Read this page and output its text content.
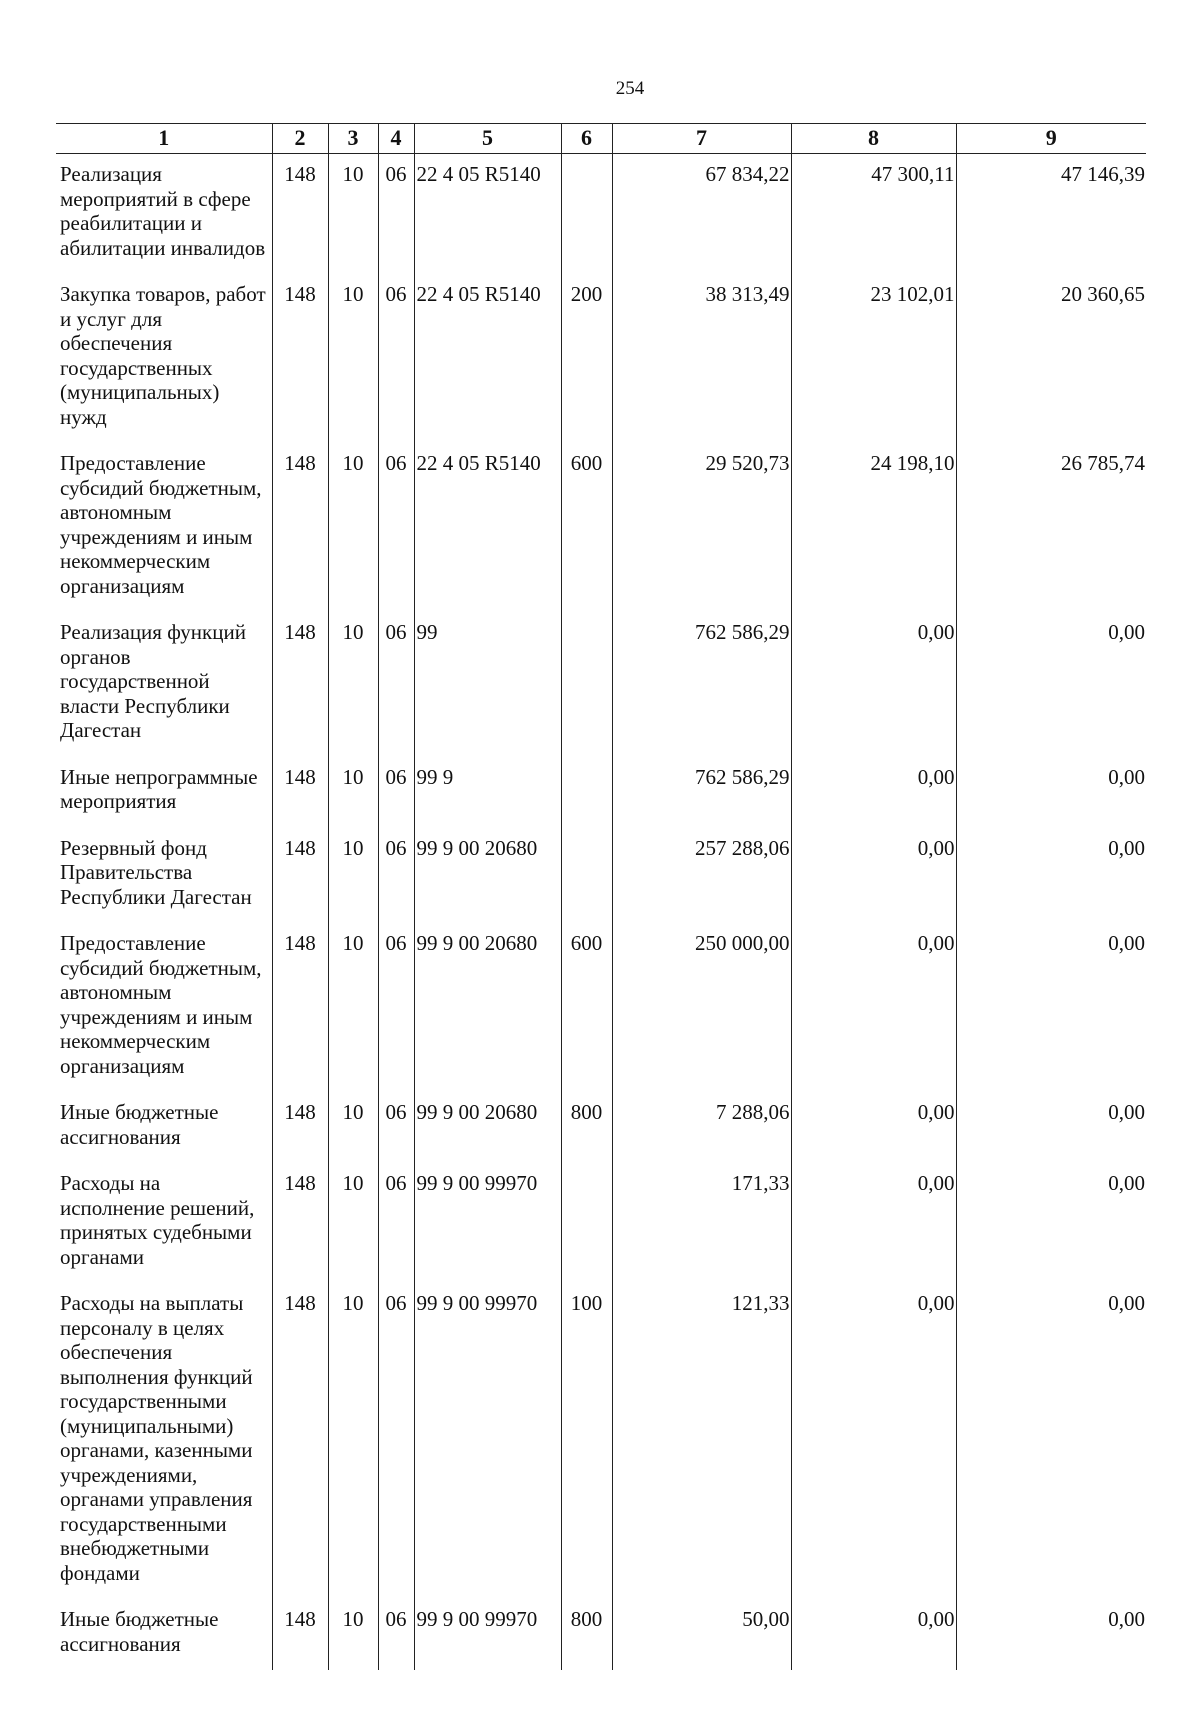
254
1	2	3	4	5	6	7	8	9
Реализация мероприятий в сфере реабилитации и абилитации инвалидов	148	10	06	22 4 05 R5140		67 834,22	47 300,11	47 146,39
Закупка товаров, работ и услуг для обеспечения государственных (муниципальных) нужд	148	10	06	22 4 05 R5140	200	38 313,49	23 102,01	20 360,65
Предоставление субсидий бюджетным, автономным учреждениям и иным некоммерческим организациям	148	10	06	22 4 05 R5140	600	29 520,73	24 198,10	26 785,74
Реализация функций органов государственной власти Республики Дагестан	148	10	06	99		762 586,29	0,00	0,00
Иные непрограммные мероприятия	148	10	06	99 9		762 586,29	0,00	0,00
Резервный фонд Правительства Республики Дагестан	148	10	06	99 9 00 20680		257 288,06	0,00	0,00
Предоставление субсидий бюджетным, автономным учреждениям и иным некоммерческим организациям	148	10	06	99 9 00 20680	600	250 000,00	0,00	0,00
Иные бюджетные ассигнования	148	10	06	99 9 00 20680	800	7 288,06	0,00	0,00
Расходы на исполнение решений, принятых судебными органами	148	10	06	99 9 00 99970		171,33	0,00	0,00
Расходы на выплаты персоналу в целях обеспечения выполнения функций государственными (муниципальными) органами, казенными учреждениями, органами управления государственными внебюджетными фондами	148	10	06	99 9 00 99970	100	121,33	0,00	0,00
Иные бюджетные ассигнования	148	10	06	99 9 00 99970	800	50,00	0,00	0,00
